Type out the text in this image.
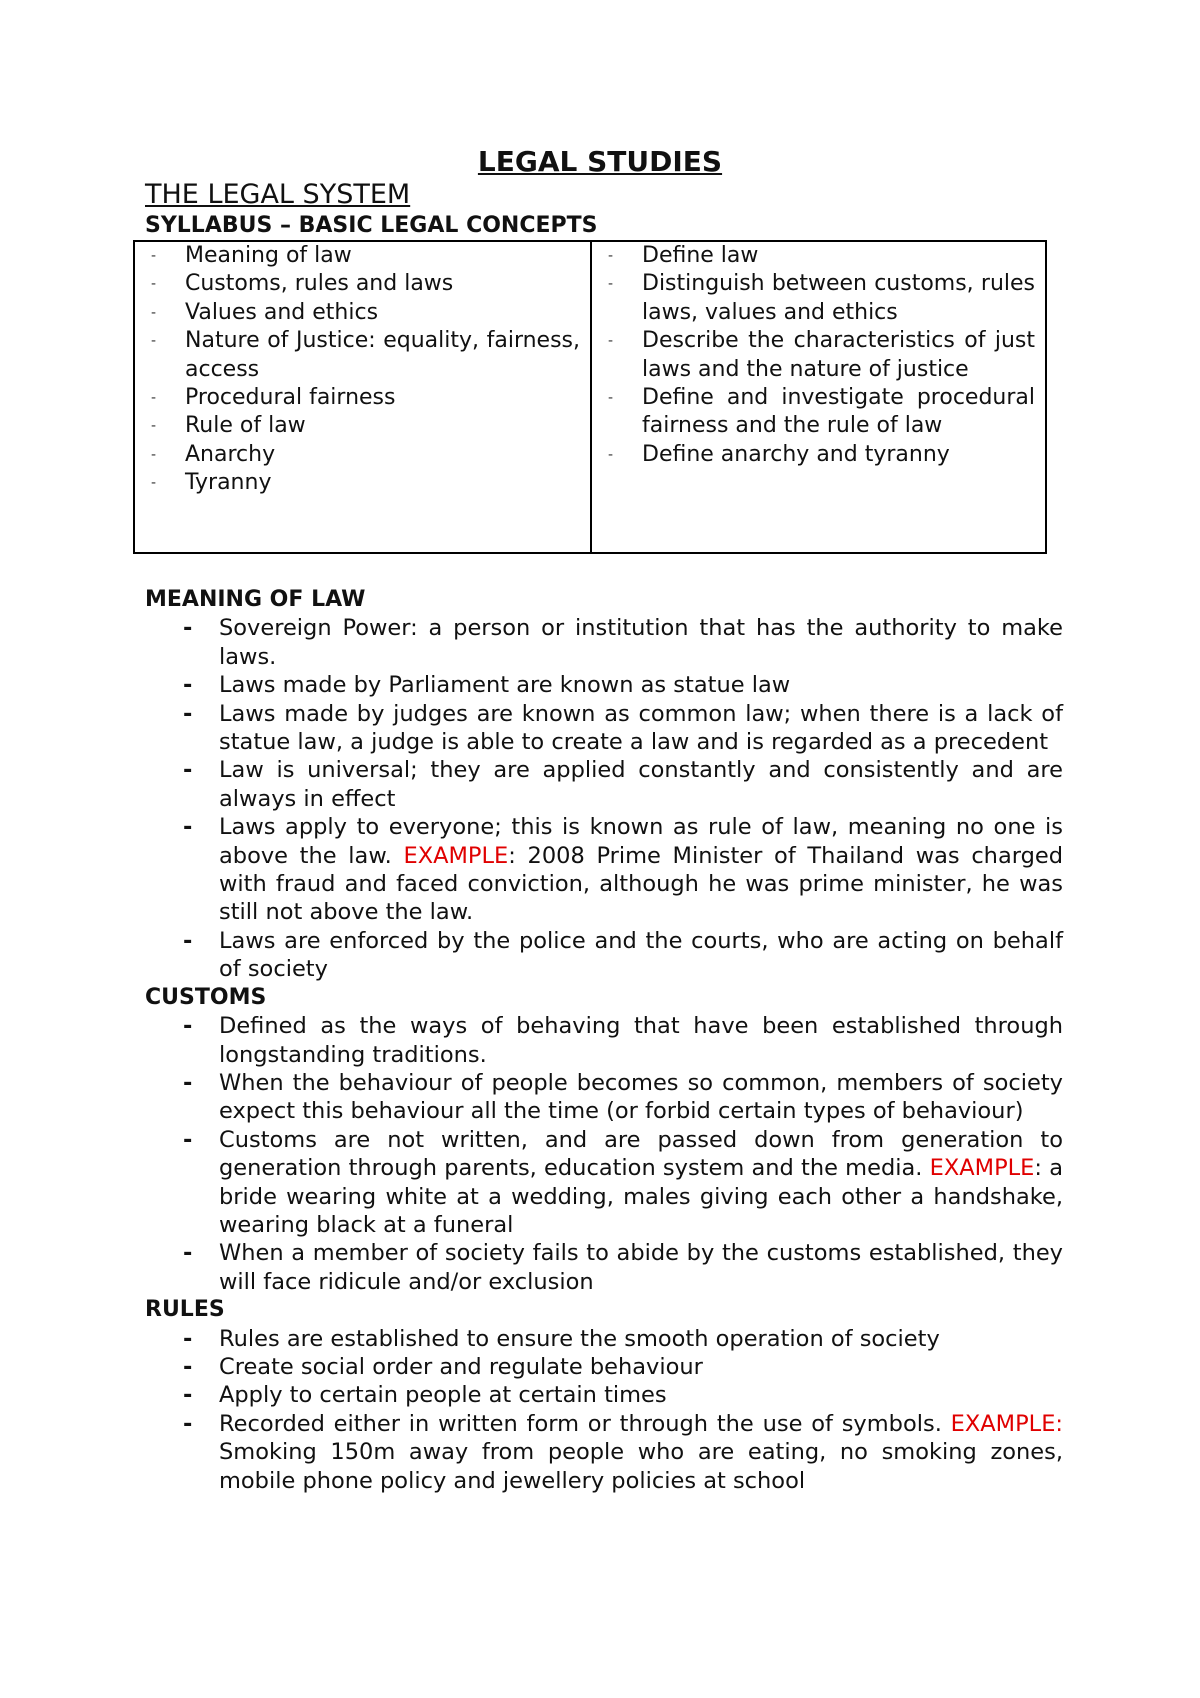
LEGAL STUDIES
THE LEGAL SYSTEM
SYLLABUS – BASIC LEGAL CONCEPTS
- Meaning of law
- Customs, rules and laws
- Values and ethics
- Nature of Justice: equality, fairness, access
- Procedural fairness
- Rule of law
- Anarchy
- Tyranny
- Define law
- Distinguish between customs, rules laws, values and ethics
- Describe the characteristics of just laws and the nature of justice
- Define and investigate procedural fairness and the rule of law
- Define anarchy and tyranny
MEANING OF LAW
- Sovereign Power: a person or institution that has the authority to make laws.
- Laws made by Parliament are known as statue law
- Laws made by judges are known as common law; when there is a lack of statue law, a judge is able to create a law and is regarded as a precedent
- Law is universal; they are applied constantly and consistently and are always in effect
- Laws apply to everyone; this is known as rule of law, meaning no one is above the law. EXAMPLE: 2008 Prime Minister of Thailand was charged with fraud and faced conviction, although he was prime minister, he was still not above the law.
- Laws are enforced by the police and the courts, who are acting on behalf of society
CUSTOMS
- Defined as the ways of behaving that have been established through longstanding traditions.
- When the behaviour of people becomes so common, members of society expect this behaviour all the time (or forbid certain types of behaviour)
- Customs are not written, and are passed down from generation to generation through parents, education system and the media. EXAMPLE: a bride wearing white at a wedding, males giving each other a handshake, wearing black at a funeral
- When a member of society fails to abide by the customs established, they will face ridicule and/or exclusion
RULES
- Rules are established to ensure the smooth operation of society
- Create social order and regulate behaviour
- Apply to certain people at certain times
- Recorded either in written form or through the use of symbols. EXAMPLE: Smoking 150m away from people who are eating, no smoking zones, mobile phone policy and jewellery policies at school
